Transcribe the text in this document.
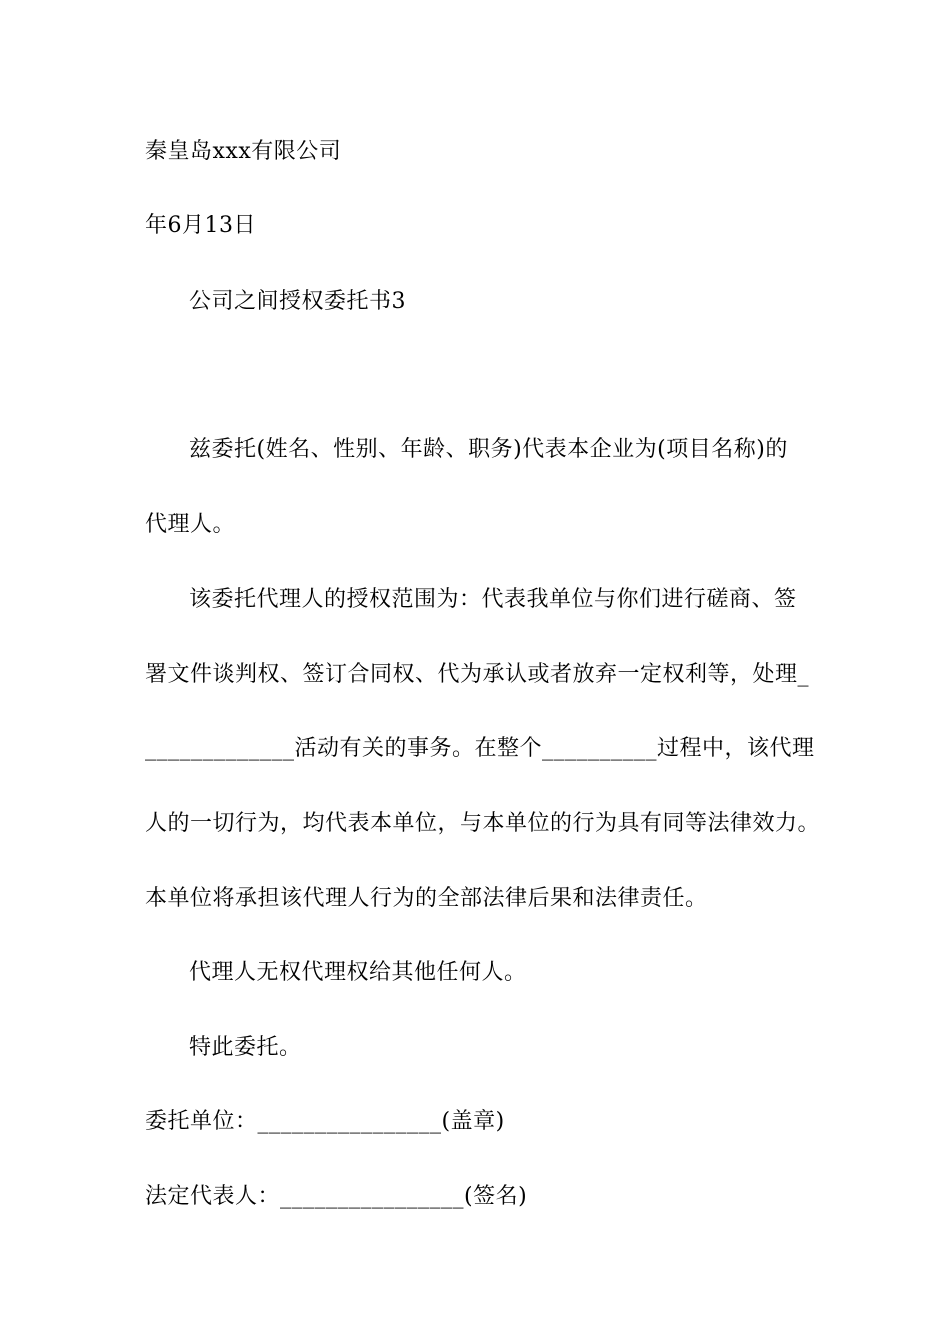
秦皇岛xxx有限公司
年6月13日
公司之间授权委托书3
兹委托(姓名、性别、年龄、职务)代表本企业为(项目名称)的
代理人。
该委托代理人的授权范围为：代表我单位与你们进行磋商、签
署文件谈判权、签订合同权、代为承认或者放弃一定权利等，处理_
_____________活动有关的事务。在整个__________过程中，该代理
人的一切行为，均代表本单位，与本单位的行为具有同等法律效力。
本单位将承担该代理人行为的全部法律后果和法律责任。
代理人无权代理权给其他任何人。
特此委托。
委托单位：________________(盖章)
法定代表人：________________(签名)
